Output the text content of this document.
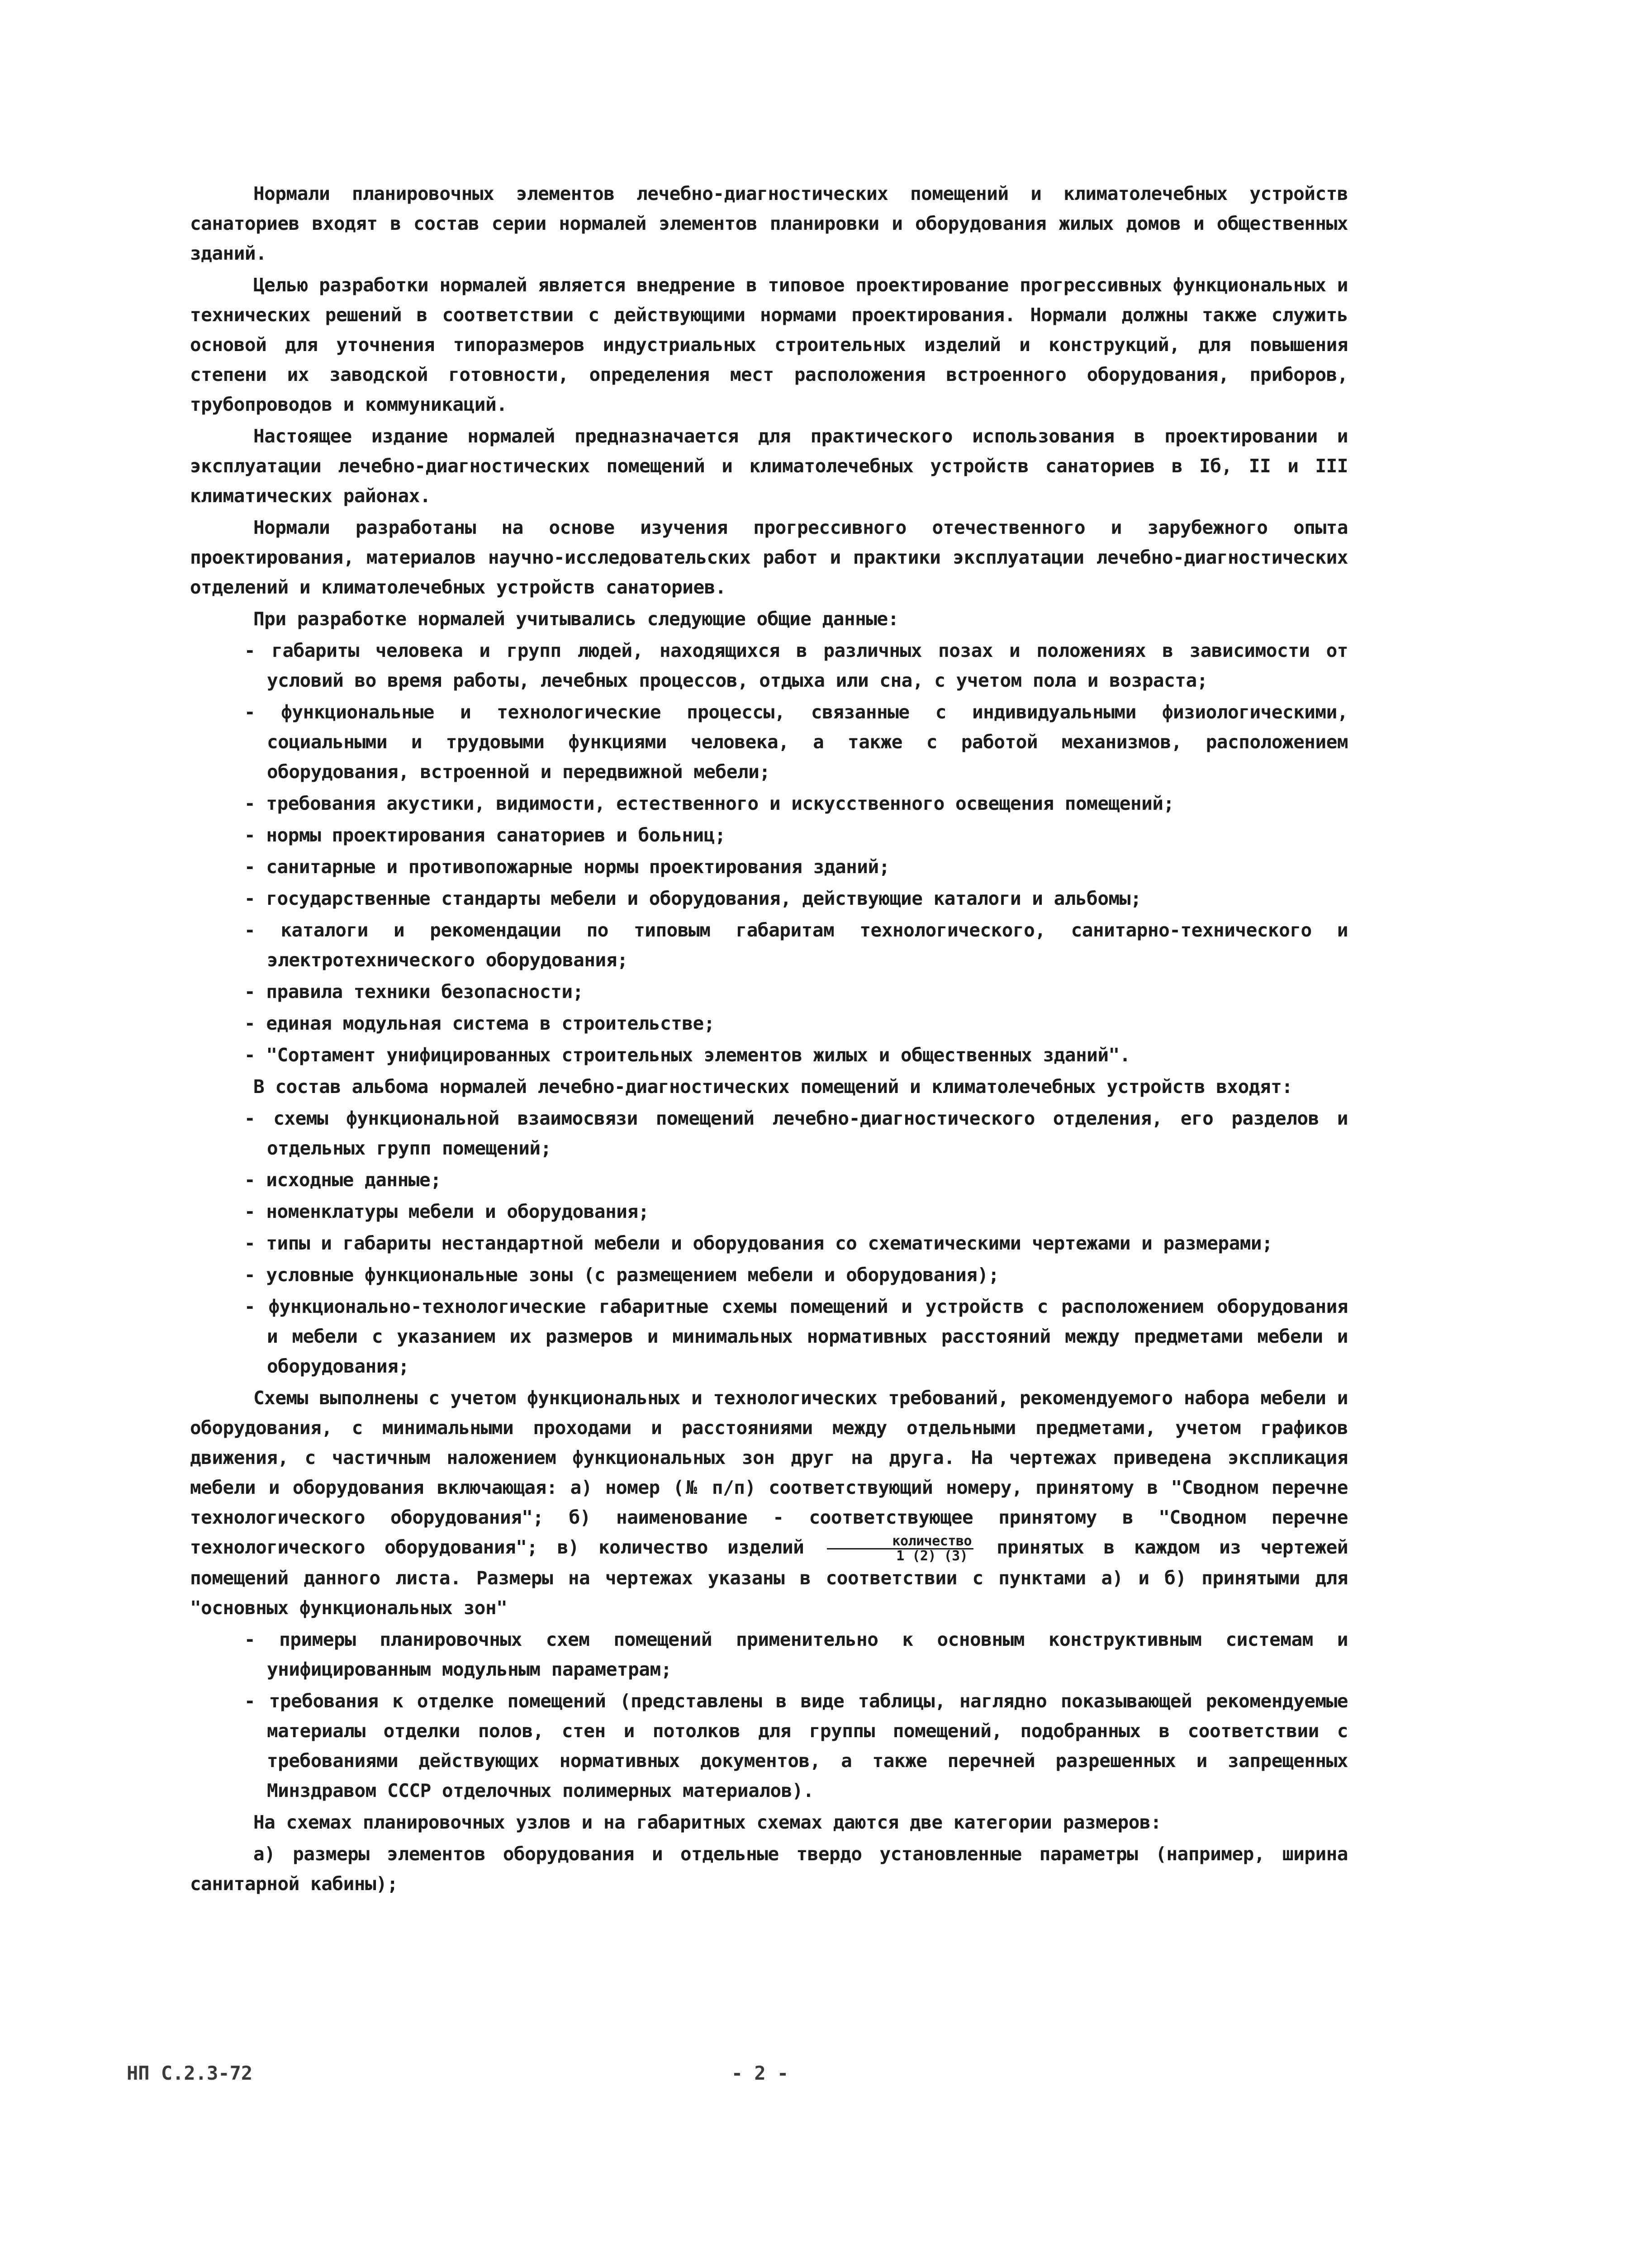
Нормали планировочных элементов лечебно-диагностических помещений и климатолечебных устройств санаториев входят в состав серии нормалей элементов планировки и оборудования жилых домов и общественных зданий.

Целью разработки нормалей является внедрение в типовое проектирование прогрессивных функциональных и технических решений в соответствии с действующими нормами проектирования. Нормали должны также служить основой для уточнения типоразмеров индустриальных строительных изделий и конструкций, для повышения степени их заводской готовности, определения мест расположения встроенного оборудования, приборов, трубопроводов и коммуникаций.

Настоящее издание нормалей предназначается для практического использования в проектировании и эксплуатации лечебно-диагностических помещений и климатолечебных устройств санаториев в Iб, II и III климатических районах.

Нормали разработаны на основе изучения прогрессивного отечественного и зарубежного опыта проектирования, материалов научно-исследовательских работ и практики эксплуатации лечебно-диагностических отделений и климатолечебных устройств санаториев.

При разработке нормалей учитывались следующие общие данные:

- габариты человека и групп людей, находящихся в различных позах и положениях в зависимости от условий во время работы, лечебных процессов, отдыха или сна, с учетом пола и возраста;

- функциональные и технологические процессы, связанные с индивидуальными физиологическими, социальными и трудовыми функциями человека, а также с работой механизмов, расположением оборудования, встроенной и передвижной мебели;

- требования акустики, видимости, естественного и искусственного освещения помещений;

- нормы проектирования санаториев и больниц;

- санитарные и противопожарные нормы проектирования зданий;

- государственные стандарты мебели и оборудования, действующие каталоги и альбомы;

- каталоги и рекомендации по типовым габаритам технологического, санитарно-технического и электротехнического оборудования;

- правила техники безопасности;

- единая модульная система в строительстве;

- "Сортамент унифицированных строительных элементов жилых и общественных зданий".

В состав альбома нормалей лечебно-диагностических помещений и климатолечебных устройств входят:

- схемы функциональной взаимосвязи помещений лечебно-диагностического отделения, его разделов и отдельных групп помещений;

- исходные данные;

- номенклатуры мебели и оборудования;

- типы и габариты нестандартной мебели и оборудования со схематическими чертежами и размерами;

- условные функциональные зоны (с размещением мебели и оборудования);

- функционально-технологические габаритные схемы помещений и устройств с расположением оборудования и мебели с указанием их размеров и минимальных нормативных расстояний между предметами мебели и оборудования;

Схемы выполнены с учетом функциональных и технологических требований, рекомендуемого набора мебели и оборудования, с минимальными проходами и расстояниями между отдельными предметами, учетом графиков движения, с частичным наложением функциональных зон друг на друга. На чертежах приведена экспликация мебели и оборудования включающая: а) номер (№ п/п) соответствующий номеру, принятому в "Сводном перечне технологического оборудования"; б) наименование - соответствующее принятому в "Сводном перечне технологического оборудования"; в) количество изделий $\frac{\text{количество}}{1 (2) (3)}$ принятых в каждом из чертежей помещений данного листа. Размеры на чертежах указаны в соответствии с пунктами а) и б) принятыми для "основных функциональных зон"

- примеры планировочных схем помещений применительно к основным конструктивным системам и унифицированным модульным параметрам;

- требования к отделке помещений (представлены в виде таблицы, наглядно показывающей рекомендуемые материалы отделки полов, стен и потолков для группы помещений, подобранных в соответствии с требованиями действующих нормативных документов, а также перечней разрешенных и запрещенных Минздравом СССР отделочных полимерных материалов).

На схемах планировочных узлов и на габаритных схемах даются две категории размеров:

а) размеры элементов оборудования и отдельные твердо установленные параметры (например, ширина санитарной кабины);

НП С.2.3-72	- 2 -
